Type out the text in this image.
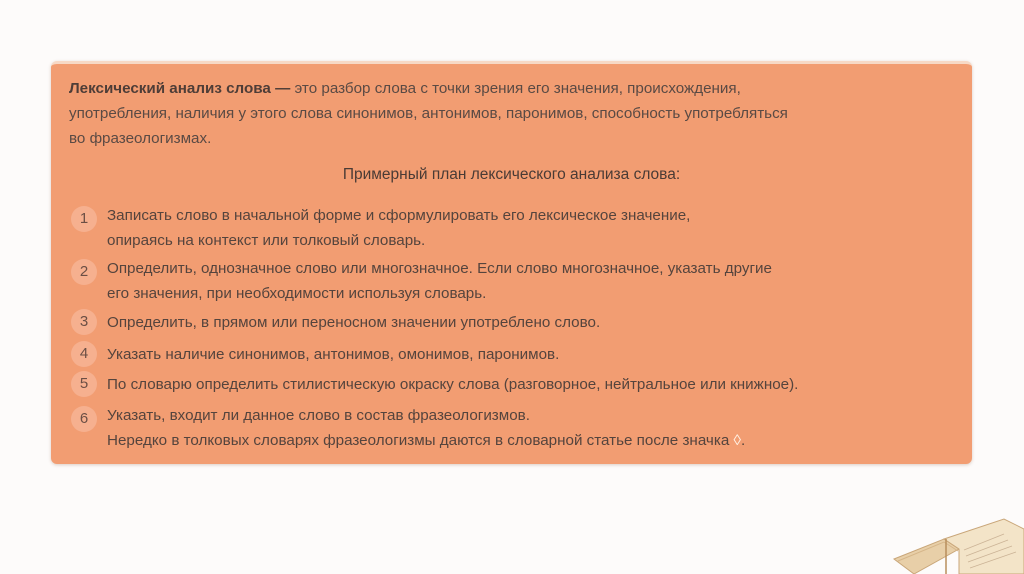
Лексический анализ слова — это разбор слова с точки зрения его значения, происхождения,
употребления, наличия у этого слова синонимов, антонимов, паронимов, способность употребляться
во фразеологизмах.
Примерный план лексического анализа слова:
1	Записать слово в начальной форме и сформулировать его лексическое значение,
опираясь на контекст или толковый словарь.
2	Определить, однозначное слово или многозначное. Если слово многозначное, указать другие
его значения, при необходимости используя словарь.
3	Определить, в прямом или переносном значении употреблено слово.
4	Указать наличие синонимов, антонимов, омонимов, паронимов.
5	По словарю определить стилистическую окраску слова (разговорное, нейтральное или книжное).
6	Указать, входит ли данное слово в состав фразеологизмов.
Нередко в толковых словарях фразеологизмы даются в словарной статье после значка ◊.
